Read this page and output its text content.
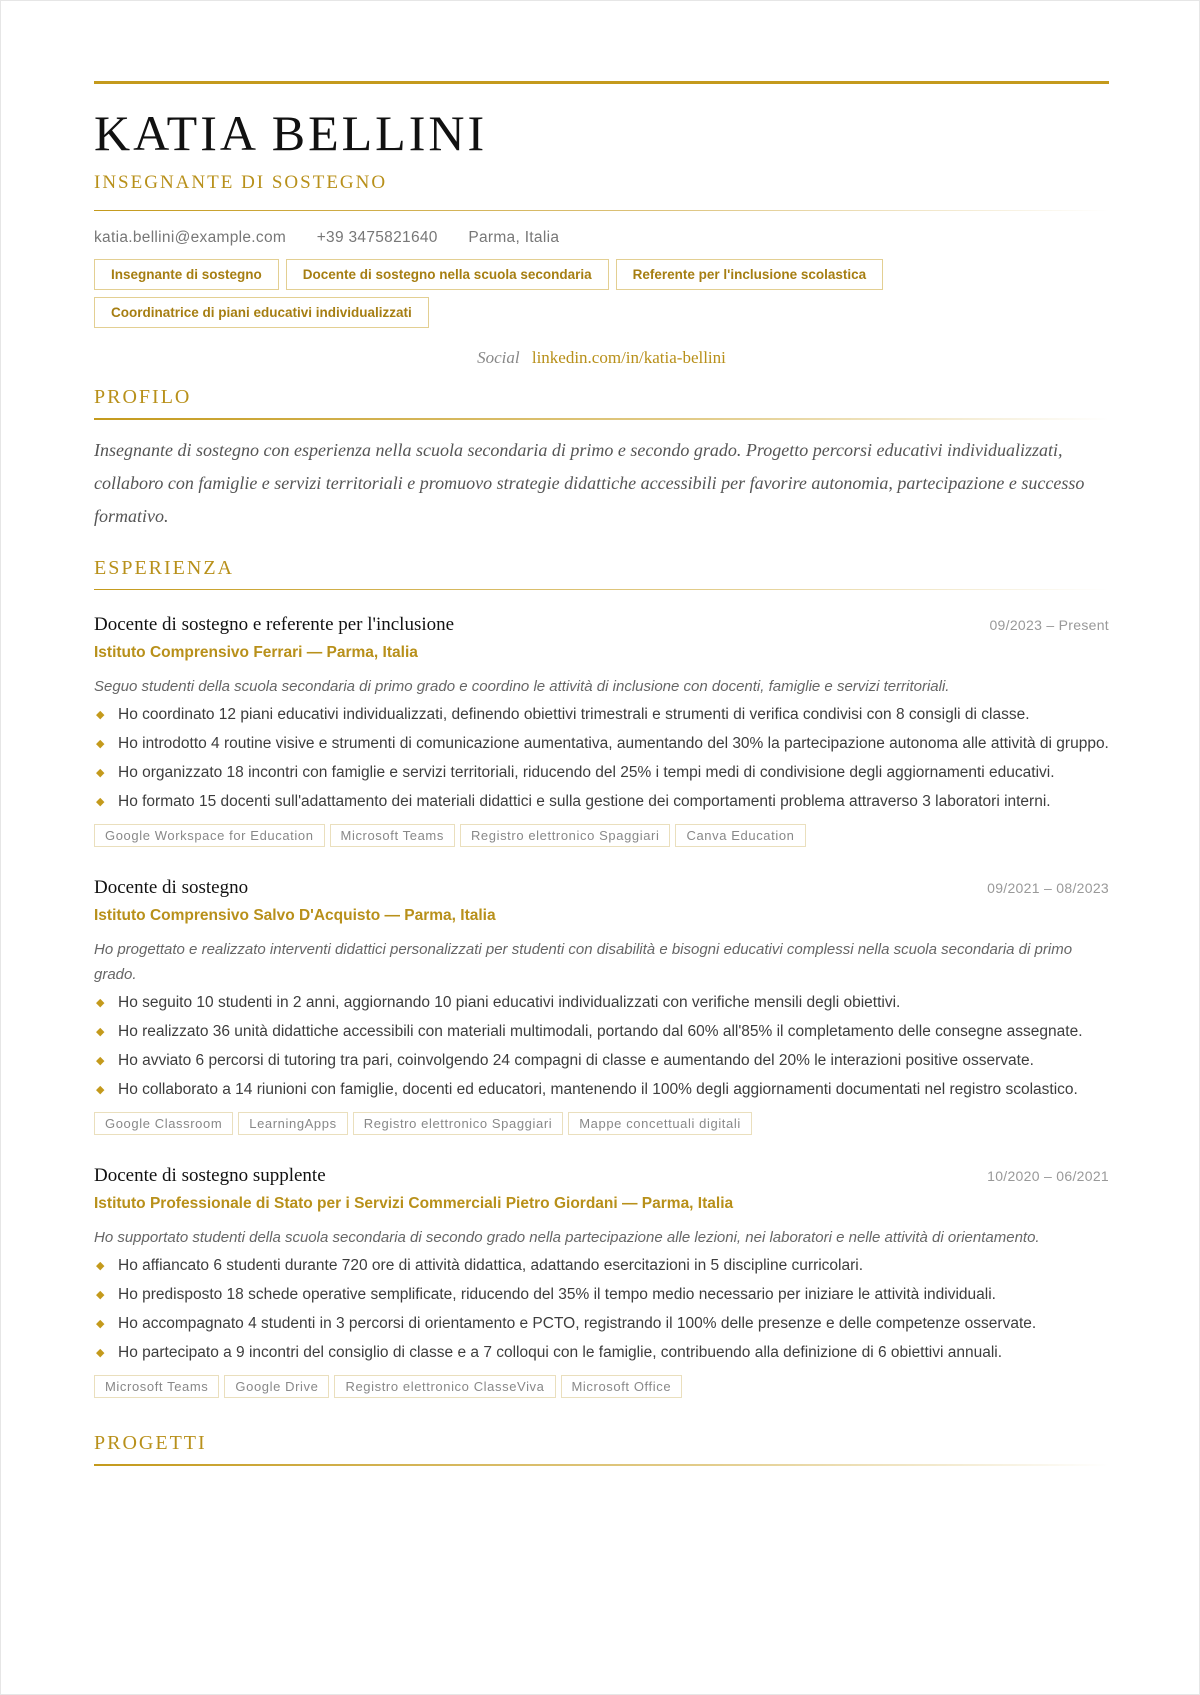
KATIA BELLINI
INSEGNANTE DI SOSTEGNO
katia.bellini@example.com +39 3475821640 Parma, Italia
Insegnante di sostegno	Docente di sostegno nella scuola secondaria	Referente per l'inclusione scolastica
Coordinatrice di piani educativi individualizzati
Social linkedin.com/in/katia-bellini
PROFILO
Insegnante di sostegno con esperienza nella scuola secondaria di primo e secondo grado. Progetto percorsi educativi individualizzati, collaboro con famiglie e servizi territoriali e promuovo strategie didattiche accessibili per favorire autonomia, partecipazione e successo formativo.
ESPERIENZA
Docente di sostegno e referente per l'inclusione	09/2023 – Present
Istituto Comprensivo Ferrari — Parma, Italia
Seguo studenti della scuola secondaria di primo grado e coordino le attività di inclusione con docenti, famiglie e servizi territoriali.
◆ Ho coordinato 12 piani educativi individualizzati, definendo obiettivi trimestrali e strumenti di verifica condivisi con 8 consigli di classe.
◆ Ho introdotto 4 routine visive e strumenti di comunicazione aumentativa, aumentando del 30% la partecipazione autonoma alle attività di gruppo.
◆ Ho organizzato 18 incontri con famiglie e servizi territoriali, riducendo del 25% i tempi medi di condivisione degli aggiornamenti educativi.
◆ Ho formato 15 docenti sull'adattamento dei materiali didattici e sulla gestione dei comportamenti problema attraverso 3 laboratori interni.
Google Workspace for Education	Microsoft Teams	Registro elettronico Spaggiari	Canva Education
Docente di sostegno	09/2021 – 08/2023
Istituto Comprensivo Salvo D'Acquisto — Parma, Italia
Ho progettato e realizzato interventi didattici personalizzati per studenti con disabilità e bisogni educativi complessi nella scuola secondaria di primo grado.
◆ Ho seguito 10 studenti in 2 anni, aggiornando 10 piani educativi individualizzati con verifiche mensili degli obiettivi.
◆ Ho realizzato 36 unità didattiche accessibili con materiali multimodali, portando dal 60% all'85% il completamento delle consegne assegnate.
◆ Ho avviato 6 percorsi di tutoring tra pari, coinvolgendo 24 compagni di classe e aumentando del 20% le interazioni positive osservate.
◆ Ho collaborato a 14 riunioni con famiglie, docenti ed educatori, mantenendo il 100% degli aggiornamenti documentati nel registro scolastico.
Google Classroom	LearningApps	Registro elettronico Spaggiari	Mappe concettuali digitali
Docente di sostegno supplente	10/2020 – 06/2021
Istituto Professionale di Stato per i Servizi Commerciali Pietro Giordani — Parma, Italia
Ho supportato studenti della scuola secondaria di secondo grado nella partecipazione alle lezioni, nei laboratori e nelle attività di orientamento.
◆ Ho affiancato 6 studenti durante 720 ore di attività didattica, adattando esercitazioni in 5 discipline curricolari.
◆ Ho predisposto 18 schede operative semplificate, riducendo del 35% il tempo medio necessario per iniziare le attività individuali.
◆ Ho accompagnato 4 studenti in 3 percorsi di orientamento e PCTO, registrando il 100% delle presenze e delle competenze osservate.
◆ Ho partecipato a 9 incontri del consiglio di classe e a 7 colloqui con le famiglie, contribuendo alla definizione di 6 obiettivi annuali.
Microsoft Teams	Google Drive	Registro elettronico ClasseViva	Microsoft Office
PROGETTI
